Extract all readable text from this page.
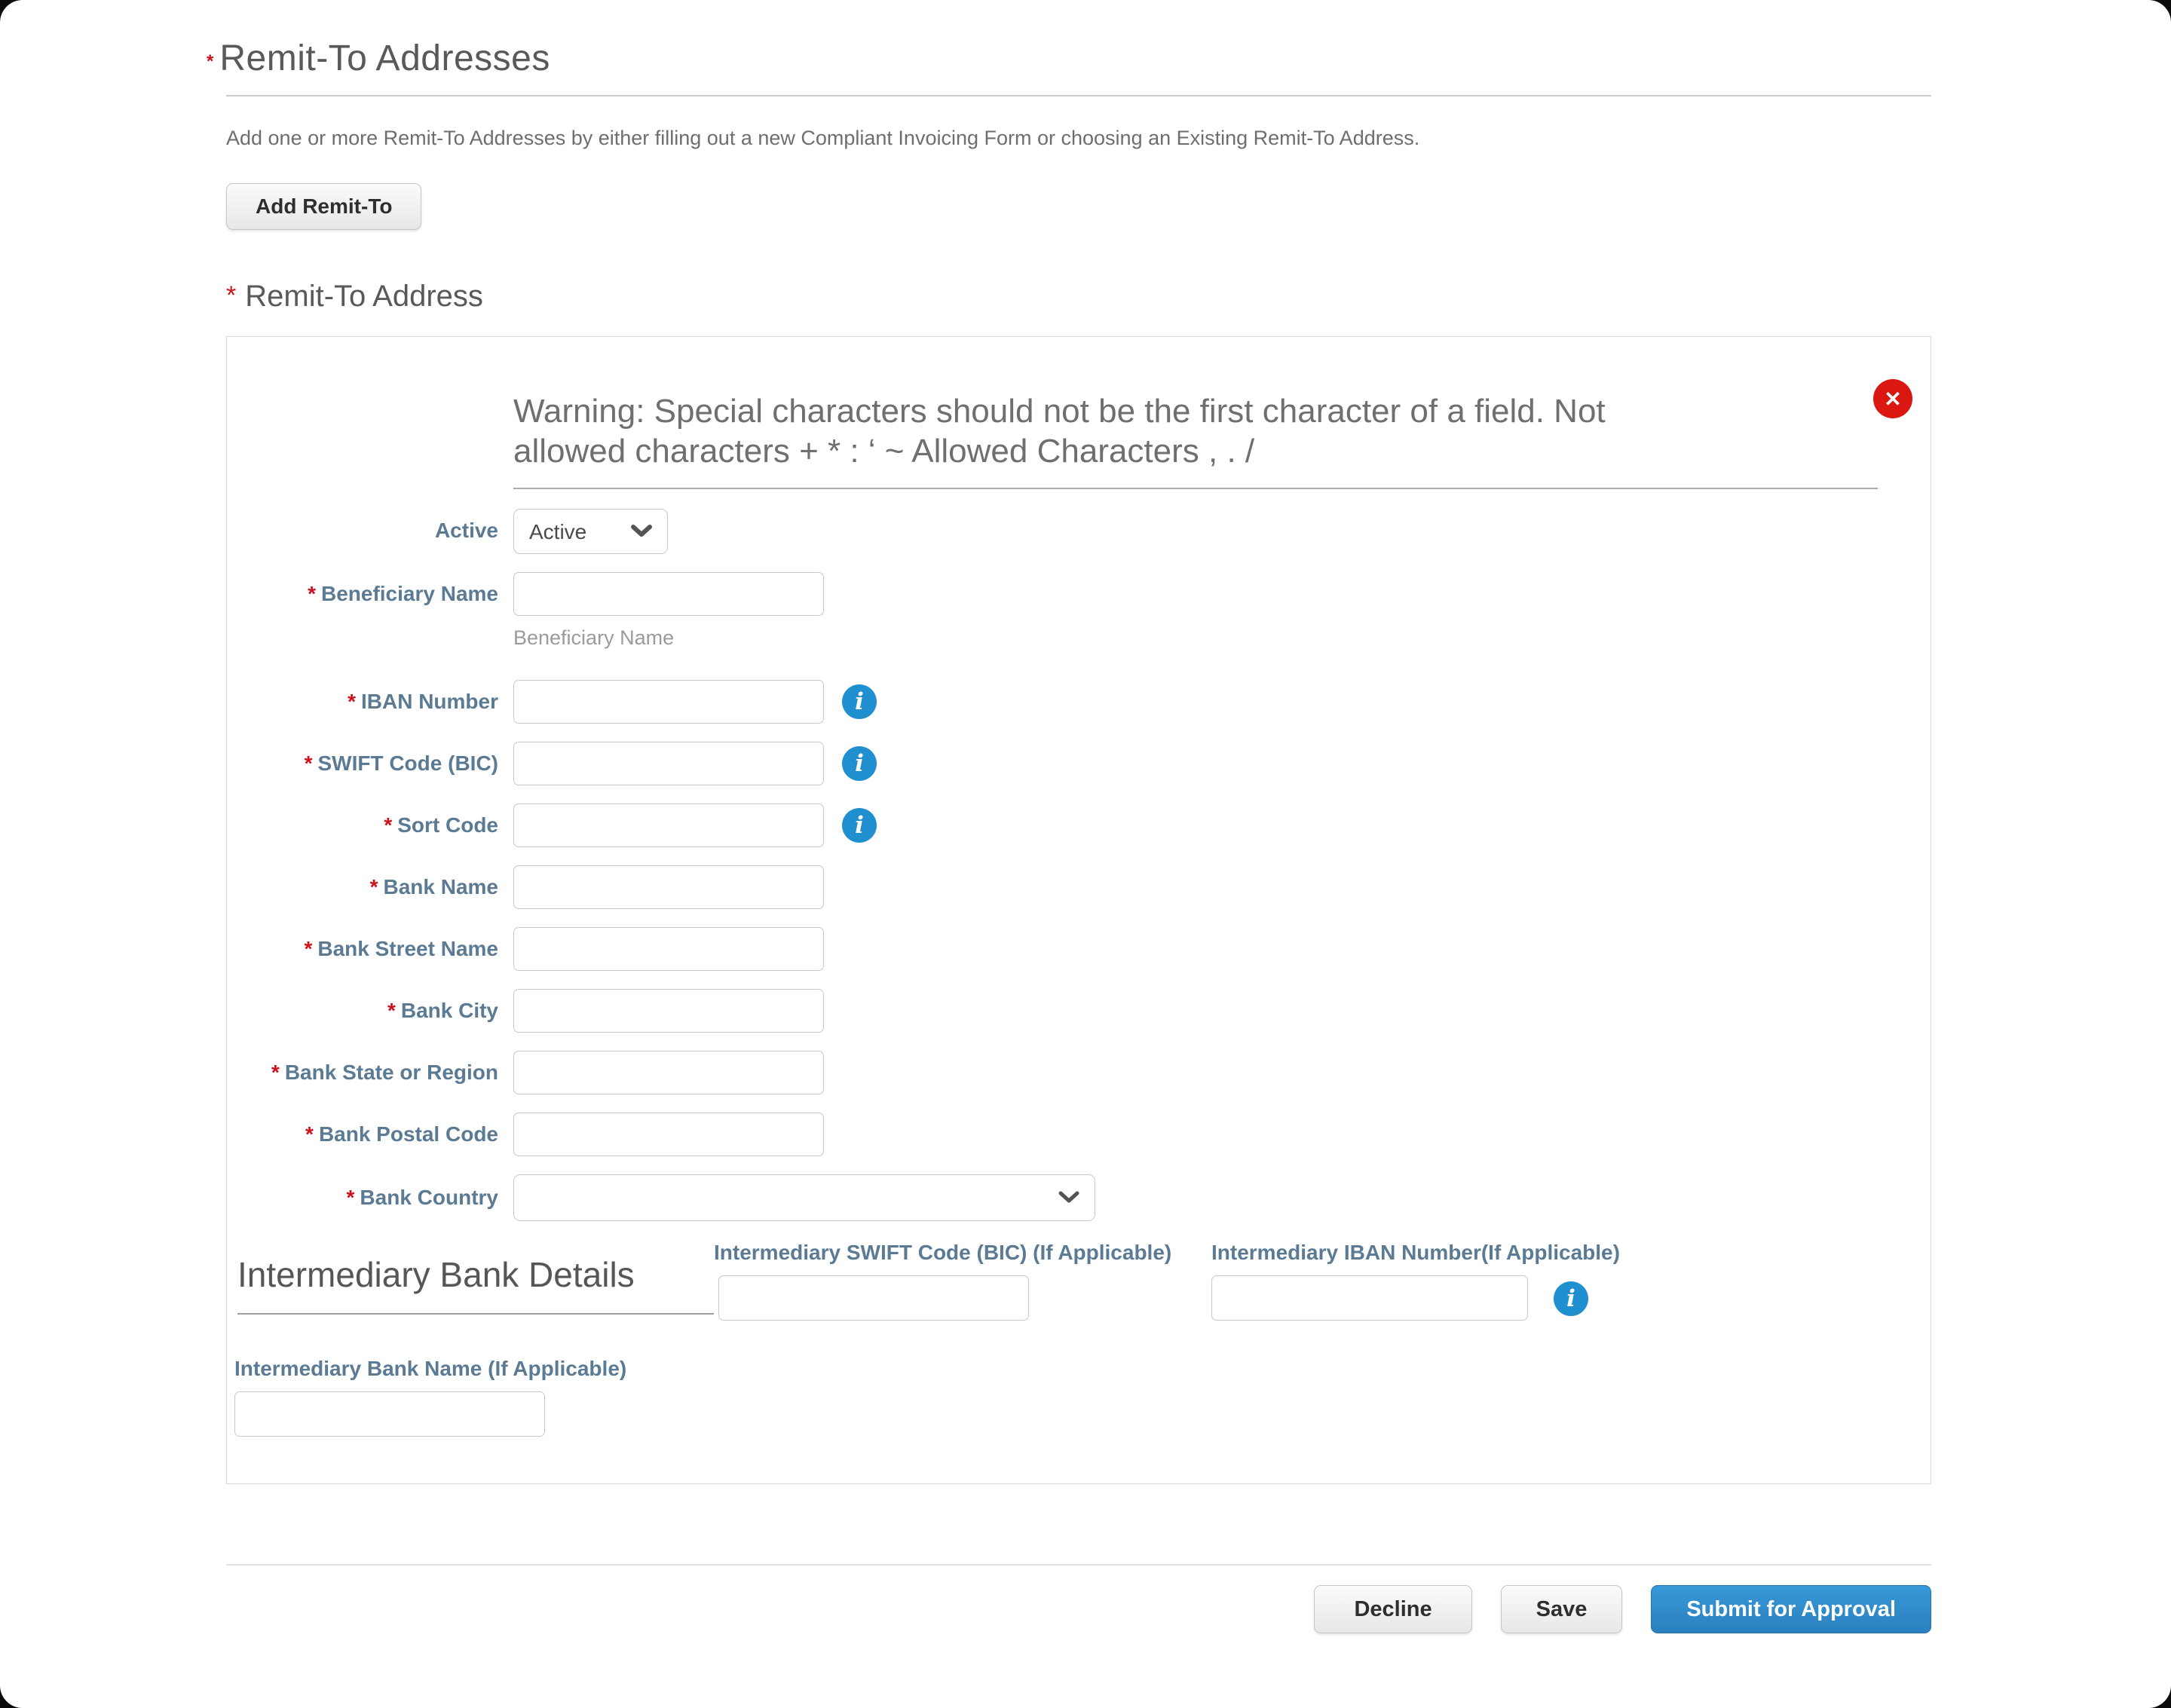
* Remit-To Addresses
Add one or more Remit-To Addresses by either filling out a new Compliant Invoicing Form or choosing an Existing Remit-To Address.
Add Remit-To
* Remit-To Address
Warning: Special characters should not be the first character of a field. Not
allowed characters + * : ‘ ~ Allowed Characters , . /
✕
Active
Active
* Beneficiary Name
Beneficiary Name
* IBAN Number	i
* SWIFT Code (BIC)	i
* Sort Code	i
* Bank Name
* Bank Street Name
* Bank City
* Bank State or Region
* Bank Postal Code
* Bank Country
Intermediary Bank Details
Intermediary SWIFT Code (BIC) (If Applicable) Intermediary IBAN Number(If Applicable)
i
Intermediary Bank Name (If Applicable)
Decline	Save	Submit for Approval
